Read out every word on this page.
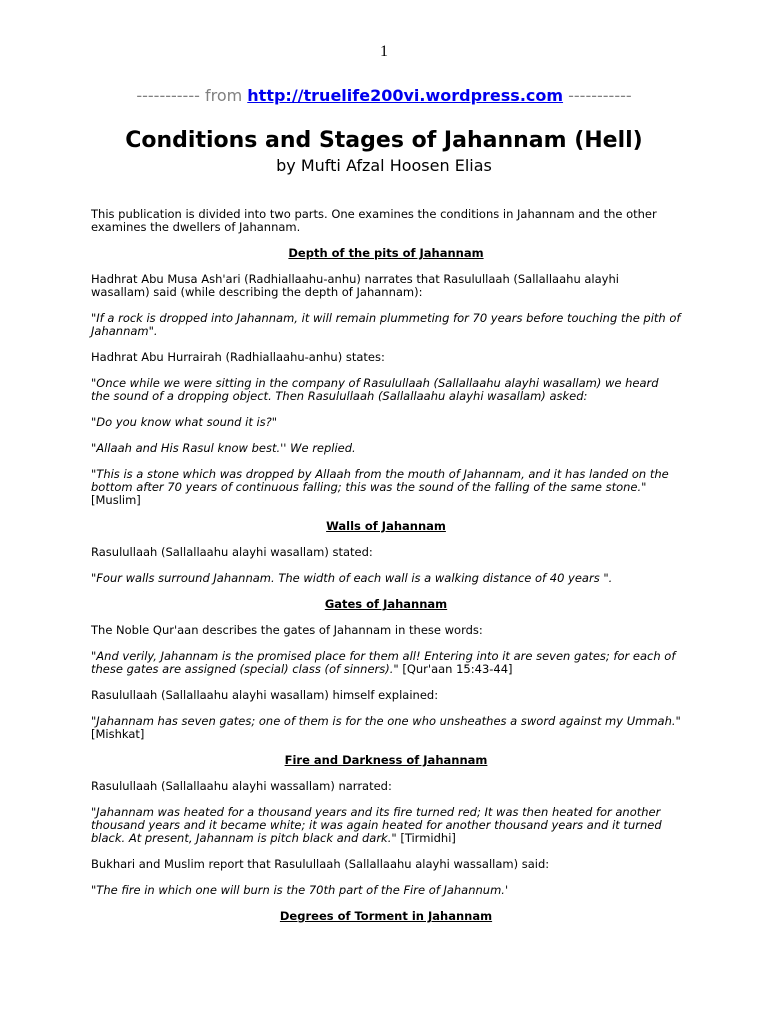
1
----------- from http://truelife200vi.wordpress.com -----------
Conditions and Stages of Jahannam (Hell)
by Mufti Afzal Hoosen Elias

This publication is divided into two parts. One examines the conditions in Jahannam and the other examines the dwellers of Jahannam.

Depth of the pits of Jahannam

Hadhrat Abu Musa Ash'ari (Radhiallaahu-anhu) narrates that Rasulullaah (Sallallaahu alayhi wasallam) said (while describing the depth of Jahannam):

"If a rock is dropped into Jahannam, it will remain plummeting for 70 years before touching the pith of Jahannam".

Hadhrat Abu Hurrairah (Radhiallaahu-anhu) states:

"Once while we were sitting in the company of Rasulullaah (Sallallaahu alayhi wasallam) we heard the sound of a dropping object. Then Rasulullaah (Sallallaahu alayhi wasallam) asked:

"Do you know what sound it is?"

"Allaah and His Rasul know best.'' We replied.

"This is a stone which was dropped by Allaah from the mouth of Jahannam, and it has landed on the bottom after 70 years of continuous falling; this was the sound of the falling of the same stone." [Muslim]

Walls of Jahannam

Rasulullaah (Sallallaahu alayhi wasallam) stated:

"Four walls surround Jahannam. The width of each wall is a walking distance of 40 years ".

Gates of Jahannam

The Noble Qur'aan describes the gates of Jahannam in these words:

"And verily, Jahannam is the promised place for them all! Entering into it are seven gates; for each of these gates are assigned (special) class (of sinners)." [Qur'aan 15:43-44]

Rasulullaah (Sallallaahu alayhi wasallam) himself explained:

"Jahannam has seven gates; one of them is for the one who unsheathes a sword against my Ummah." [Mishkat]

Fire and Darkness of Jahannam

Rasulullaah (Sallallaahu alayhi wassallam) narrated:

"Jahannam was heated for a thousand years and its fire turned red; It was then heated for another thousand years and it became white; it was again heated for another thousand years and it turned black. At present, Jahannam is pitch black and dark." [Tirmidhi]

Bukhari and Muslim report that Rasulullaah (Sallallaahu alayhi wassallam) said:

"The fire in which one will burn is the 70th part of the Fire of Jahannum.'

Degrees of Torment in Jahannam
